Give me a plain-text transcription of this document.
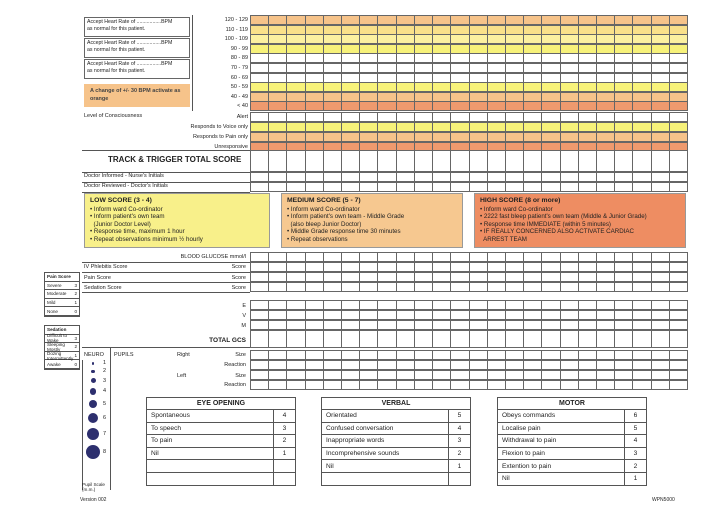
120 - 129
110 - 119
100 - 109
90 - 99
80 - 89
70 - 79
60 - 69
50 - 59
40 - 49
< 40
Accept Heart Rate of .................BPM
as normal for this patient.
Accept Heart Rate of .................BPM
as normal for this patient.
Accept Heart Rate of .................BPM
as normal for this patient.
A change of +/- 30 BPM activate as orange
Level of Consciousness	Alert
Responds to Voice only
Responds to Pain only
Unresponsive
TRACK & TRIGGER TOTAL SCORE
Doctor Informed - Nurse's Initials
Doctor Reviewed - Doctor's Initials
LOW SCORE (3 - 4)
• Inform ward Co-ordinator
• Inform patient's own team
(Junior Doctor Level)
• Response time, maximum 1 hour
• Repeat observations minimum ½ hourly
MEDIUM SCORE (5 - 7)
• Inform ward Co-ordinator
• Inform patient's own team - Middle Grade
(also bleep Junior Doctor)
• Middle Grade response time 30 minutes
• Repeat observations
HIGH SCORE (8 or more)
• Inform ward Co-ordinator
• 2222 fast bleep patient's own team (Middle & Junior Grade)
• Response time IMMEDIATE (within 5 minutes)
• IF REALLY CONCERNED ALSO ACTIVATE CARDIAC
ARREST TEAM
BLOOD GLUCOSE mmol/l
IV Phlebitis Score
Pain Score
Sedation Score
Score
Score
Score
E
V
M
TOTAL GCS
NEURO PUPILS	Right
Left
Size
Reaction
Size
Reaction
1
2
3
4
5
6
7
8
Pupil Scale (m.m.)
Pain Score
Severe	3
Moderate 2
Mild	1
None	0
Sedation
Difficult to Wake	3
Sleeping Mostly	2
Dozing Intermittently 1
Awake	0
EYE OPENING	
Spontaneous	4
To speech	3
To pain	2
Nil	1

VERBAL	
Orientated	5
Confused conversation	4
Inappropriate words	3
Incomprehensive sounds	2
Nil	1

MOTOR	
Obeys commands	6
Localise pain	5
Withdrawal to pain	4
Flexion to pain	3
Extention to pain	2
Nil	1
Version 002	WPN5000
